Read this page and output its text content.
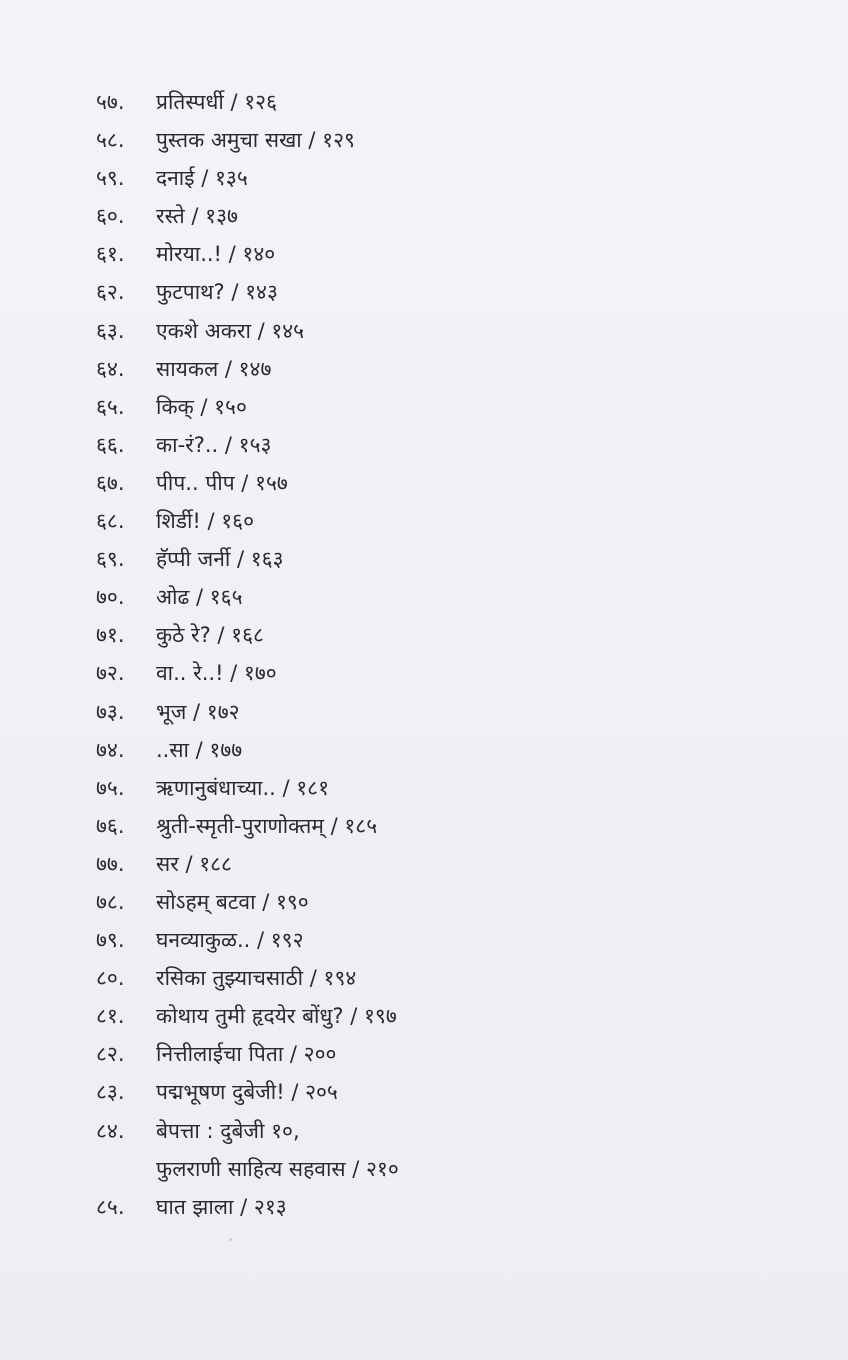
५७.	प्रतिस्पर्धी / १२६
५८.	पुस्तक अमुचा सखा / १२९
५९.	दनाई / १३५
६०.	रस्ते / १३७
६१.	मोरया..! / १४०
६२.	फुटपाथ? / १४३
६३.	एकशे अकरा / १४५
६४.	सायकल / १४७
६५.	किक् / १५०
६६.	का-रं?.. / १५३
६७.	पीप.. पीप / १५७
६८.	शिर्डी! / १६०
६९.	हॅप्पी जर्नी / १६३
७०.	ओढ / १६५
७१.	कुठे रे? / १६८
७२.	वा.. रे..! / १७०
७३.	भूज / १७२
७४.	..सा / १७७
७५.	ऋणानुबंधाच्या.. / १८१
७६.	श्रुती-स्मृती-पुराणोक्तम् / १८५
७७.	सर / १८८
७८.	सोऽहम् बटवा / १९०
७९.	घनव्याकुळ.. / १९२
८०.	रसिका तुझ्याचसाठी / १९४
८१.	कोथाय तुमी हृदयेर बोंधु? / १९७
८२.	नित्तीलाईचा पिता / २००
८३.	पद्मभूषण दुबेजी! / २०५
८४.	बेपत्ता : दुबेजी १०,
फुलराणी साहित्य सहवास / २१०
८५.	घात झाला / २१३
